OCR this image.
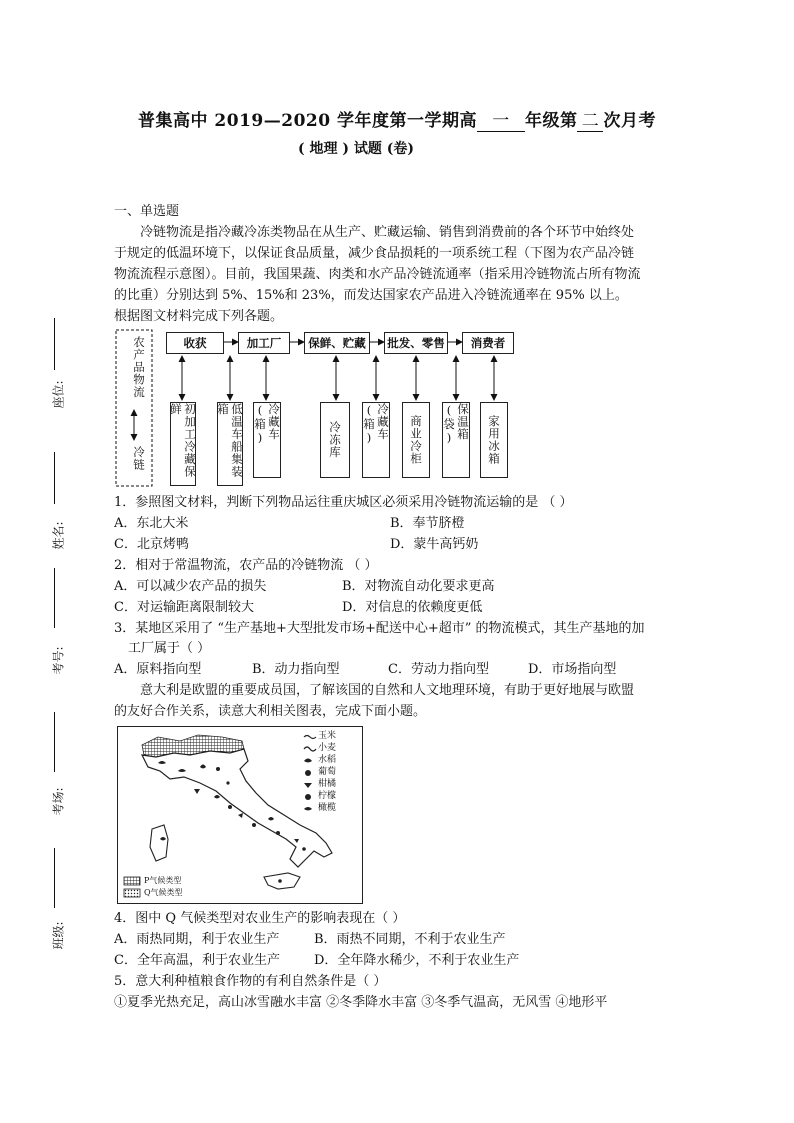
普集高中 2019—2020 学年度第一学期高 一 年级第 二 次月考
( 地理 ) 试题 (卷)
座位:
姓名:
考号:
考场:
班级:
一、单选题
冷链物流是指冷藏冷冻类物品在从生产、贮藏运输、销售到消费前的各个环节中始终处
于规定的低温环境下，以保证食品质量，减少食品损耗的一项系统工程（下图为农产品冷链
物流流程示意图）。目前，我国果蔬、肉类和水产品冷链流通率（指采用冷链物流占所有物流
的比重）分别达到 5%、15%和 23%，而发达国家农产品进入冷链流通率在 95% 以上。
根据图文材料完成下列各题。
农产品物流
冷链
收获	加工厂	保鲜、贮藏	批发、零售	消费者
初加工冷藏保鲜	低温车船集装箱	冷藏车(箱)	冷冻库	冷藏车(箱)	商业冷柜	保温箱(袋)	家用冰箱
1．参照图文材料，判断下列物品运往重庆城区必须采用冷链物流运输的是 （ ）
A．东北大米	B．奉节脐橙
C．北京烤鸭	D．蒙牛高钙奶
2．相对于常温物流，农产品的冷链物流 （ ）
A．可以减少农产品的损失	B．对物流自动化要求更高
C．对运输距离限制较大	D．对信息的依赖度更低
3．某地区采用了 “生产基地+大型批发市场+配送中心+超市” 的物流模式，其生产基地的加
工厂属于（ ）
A．原料指向型	B．动力指向型	C．劳动力指向型	D．市场指向型
意大利是欧盟的重要成员国，了解该国的自然和人文地理环境，有助于更好地展与欧盟
的友好合作关系，读意大利相关图表，完成下面小题。
玉米
小麦
水稻
葡萄
柑橘
柠檬
橄榄
P气候类型
Q气候类型
4．图中 Q 气候类型对农业生产的影响表现在（ ）
A．雨热同期，利于农业生产	B．雨热不同期，不利于农业生产
C．全年高温，利于农业生产	D．全年降水稀少，不利于农业生产
5．意大利种植粮食作物的有利自然条件是（ ）
①夏季光热充足，高山冰雪融水丰富 ②冬季降水丰富 ③冬季气温高，无风雪 ④地形平
